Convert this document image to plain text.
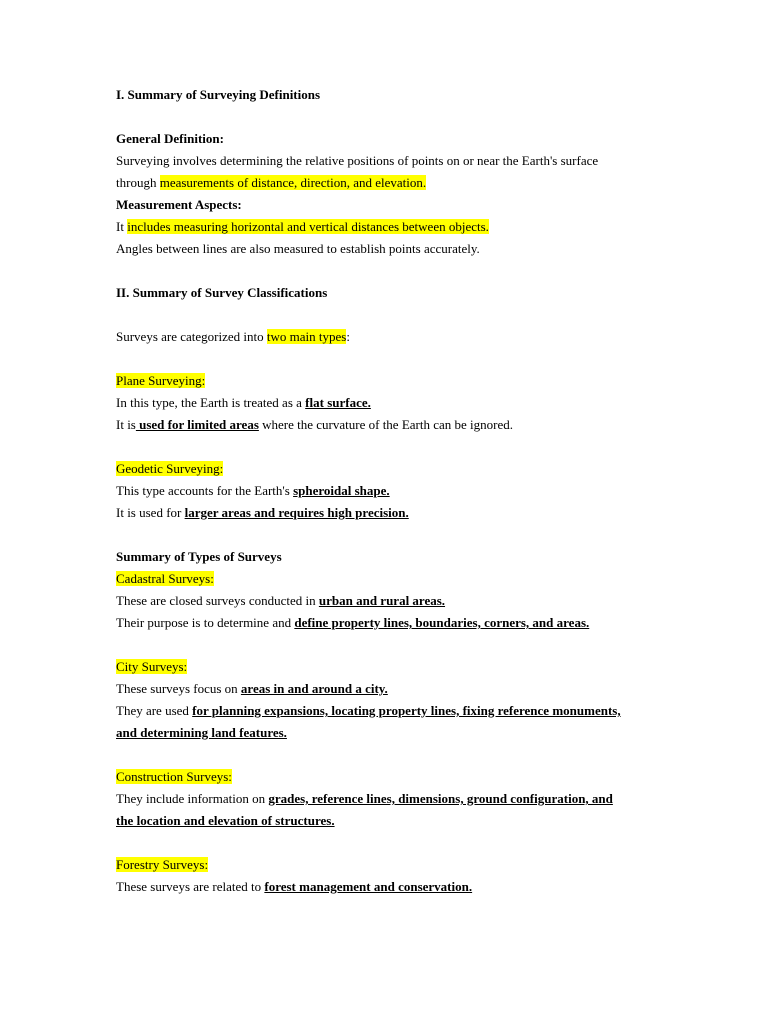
I. Summary of Surveying Definitions
General Definition:
Surveying involves determining the relative positions of points on or near the Earth's surface
through measurements of distance, direction, and elevation.
Measurement Aspects:
It includes measuring horizontal and vertical distances between objects.
Angles between lines are also measured to establish points accurately.
II. Summary of Survey Classifications
Surveys are categorized into two main types:
Plane Surveying:
In this type, the Earth is treated as a flat surface.
It is used for limited areas where the curvature of the Earth can be ignored.
Geodetic Surveying:
This type accounts for the Earth's spheroidal shape.
It is used for larger areas and requires high precision.
Summary of Types of Surveys
Cadastral Surveys:
These are closed surveys conducted in urban and rural areas.
Their purpose is to determine and define property lines, boundaries, corners, and areas.
City Surveys:
These surveys focus on areas in and around a city.
They are used for planning expansions, locating property lines, fixing reference monuments,
and determining land features.
Construction Surveys:
They include information on grades, reference lines, dimensions, ground configuration, and
the location and elevation of structures.
Forestry Surveys:
These surveys are related to forest management and conservation.
